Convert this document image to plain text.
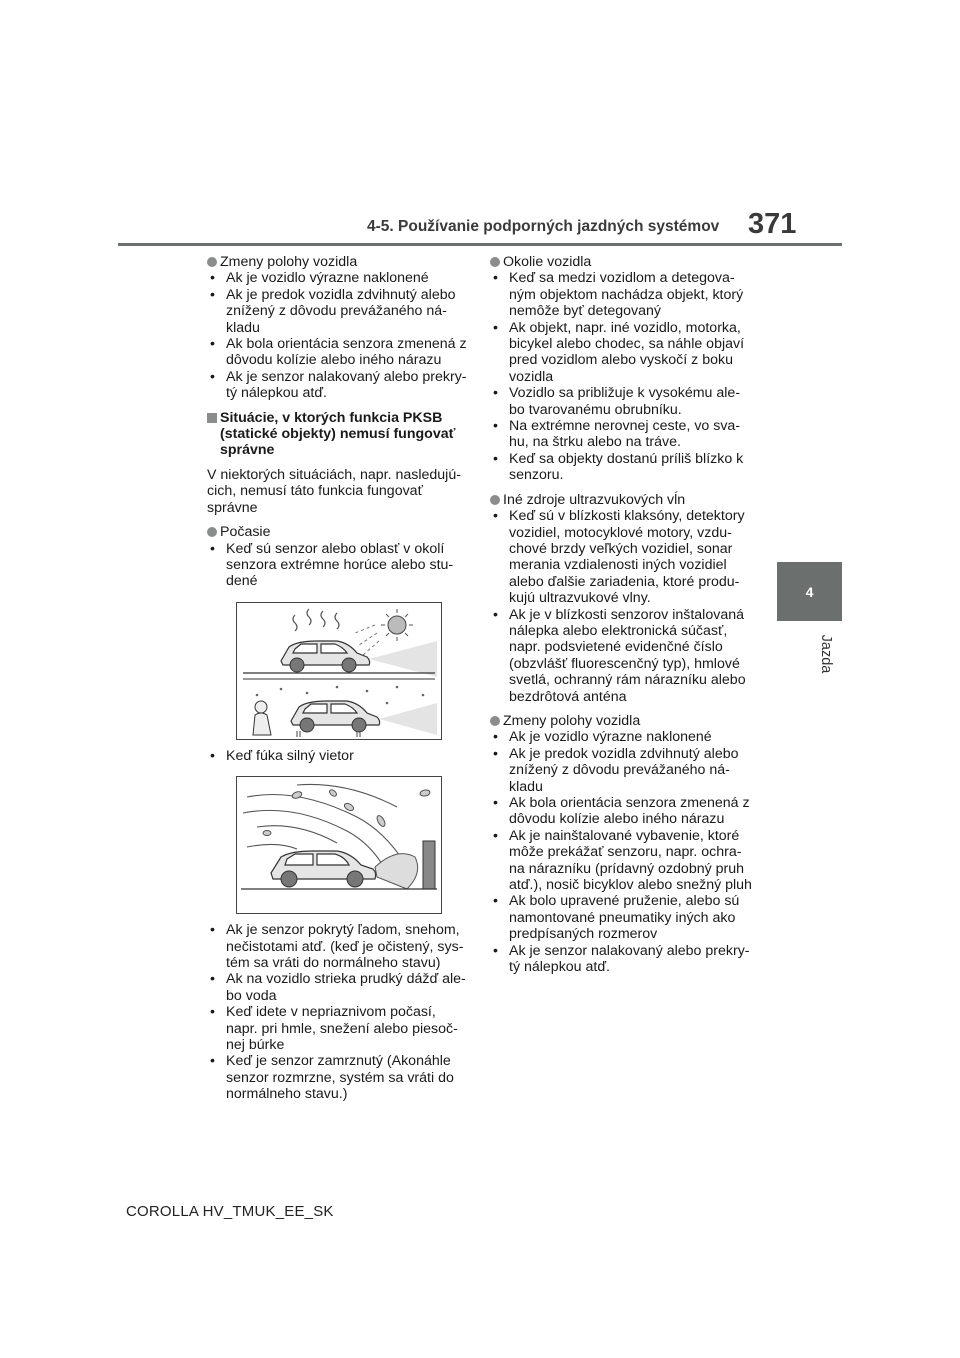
4-5. Používanie podporných jazdných systémov 371
4
Jazda
Zmeny polohy vozidla
• Ak je vozidlo výrazne naklonené
• Ak je predok vozidla zdvihnutý alebo znížený z dôvodu prevážaného ná- kladu
• Ak bola orientácia senzora zmenená z dôvodu kolízie alebo iného nárazu
• Ak je senzor nalakovaný alebo prekry- tý nálepkou atď.
Situácie, v ktorých funkcia PKSB (statické objekty) nemusí fungovať správne
V niektorých situáciách, napr. nasledujú- cich, nemusí táto funkcia fungovať správne
Počasie
• Keď sú senzor alebo oblasť v okolí senzora extrémne horúce alebo stu- dené
• Keď fúka silný vietor
• Ak je senzor pokrytý ľadom, snehom, nečistotami atď. (keď je očistený, sys- tém sa vráti do normálneho stavu)
• Ak na vozidlo strieka prudký dážď ale- bo voda
• Keď idete v nepriaznivom počasí, napr. pri hmle, snežení alebo piesoč- nej búrke
• Keď je senzor zamrznutý (Akonáhle senzor rozmrzne, systém sa vráti do normálneho stavu.)
Okolie vozidla
• Keď sa medzi vozidlom a detegova- ným objektom nachádza objekt, ktorý nemôže byť detegovaný
• Ak objekt, napr. iné vozidlo, motorka, bicykel alebo chodec, sa náhle objaví pred vozidlom alebo vyskočí z boku vozidla
• Vozidlo sa približuje k vysokému ale- bo tvarovanému obrubníku.
• Na extrémne nerovnej ceste, vo sva- hu, na štrku alebo na tráve.
• Keď sa objekty dostanú príliš blízko k senzoru.
Iné zdroje ultrazvukových vĺn
• Keď sú v blízkosti klaksóny, detektory vozidiel, motocyklové motory, vzdu- chové brzdy veľkých vozidiel, sonar merania vzdialenosti iných vozidiel alebo ďalšie zariadenia, ktoré produ- kujú ultrazvukové vlny.
• Ak je v blízkosti senzorov inštalovaná nálepka alebo elektronická súčasť, napr. podsvietené evidenčné číslo (obzvlášť fluorescenčný typ), hmlové svetlá, ochranný rám nárazníku alebo bezdrôtová anténa
Zmeny polohy vozidla
• Ak je vozidlo výrazne naklonené
• Ak je predok vozidla zdvihnutý alebo znížený z dôvodu prevážaného ná- kladu
• Ak bola orientácia senzora zmenená z dôvodu kolízie alebo iného nárazu
• Ak je nainštalované vybavenie, ktoré môže prekážať senzoru, napr. ochra- na nárazníku (prídavný ozdobný pruh atď.), nosič bicyklov alebo snežný pluh
• Ak bolo upravené pruženie, alebo sú namontované pneumatiky iných ako predpísaných rozmerov
• Ak je senzor nalakovaný alebo prekry- tý nálepkou atď.
COROLLA HV_TMUK_EE_SK
